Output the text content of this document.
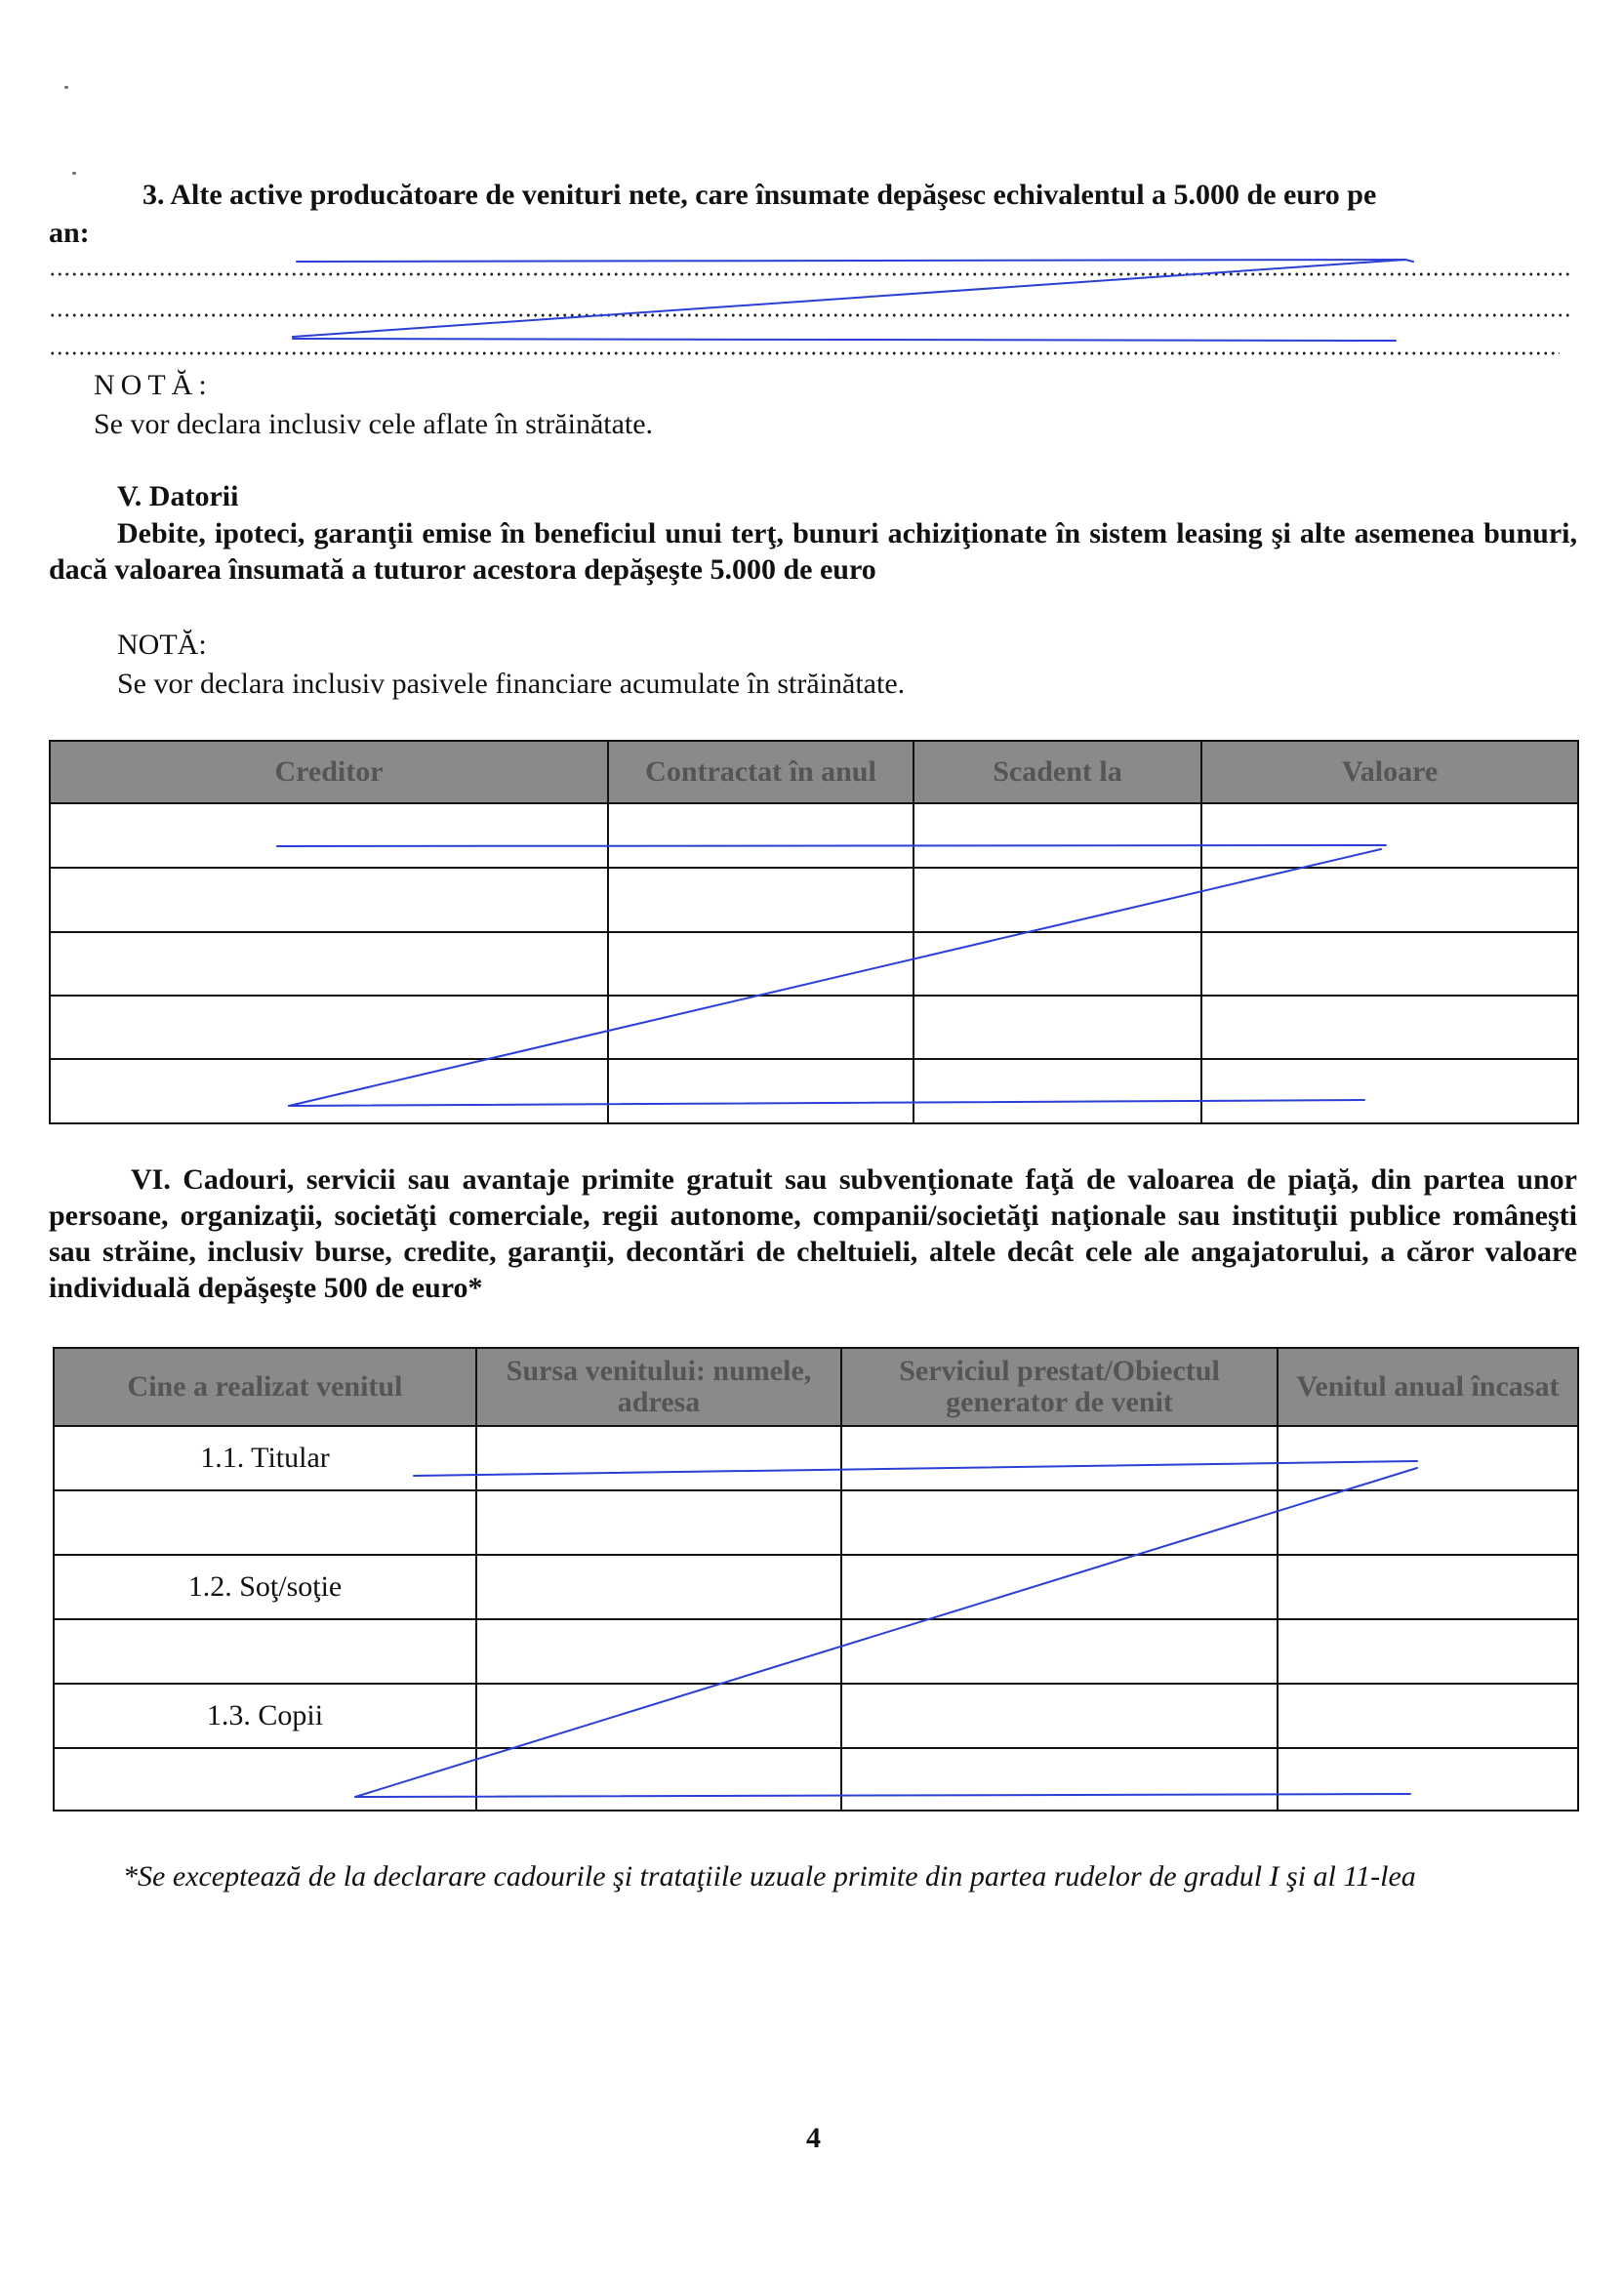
3. Alte active producătoare de venituri nete, care însumate depăşesc echivalentul a 5.000 de euro pe
an:
NOTĂ:
Se vor declara inclusiv cele aflate în străinătate.
V. Datorii
Debite, ipoteci, garanţii emise în beneficiul unui terţ, bunuri achiziţionate în sistem leasing şi alte asemenea bunuri, dacă valoarea însumată a tuturor acestora depăşeşte 5.000 de euro
NOTĂ:
Se vor declara inclusiv pasivele financiare acumulate în străinătate.
Creditor	Contractat în anul	Scadent la	Valoare

VI. Cadouri, servicii sau avantaje primite gratuit sau subvenţionate faţă de valoarea de piaţă, din partea unor persoane, organizaţii, societăţi comerciale, regii autonome, companii/societăţi naţionale sau instituţii publice româneşti sau străine, inclusiv burse, credite, garanţii, decontări de cheltuieli, altele decât cele ale angajatorului, a căror valoare individuală depăşeşte 500 de euro*
Cine a realizat venitul	Sursa venitului: numele, adresa	Serviciul prestat/Obiectul generator de venit	Venitul anual încasat
1.1. Titular			

1.2. Soţ/soţie			

1.3. Copii			

*Se exceptează de la declarare cadourile şi trataţiile uzuale primite din partea rudelor de gradul I şi al 11-lea
4
